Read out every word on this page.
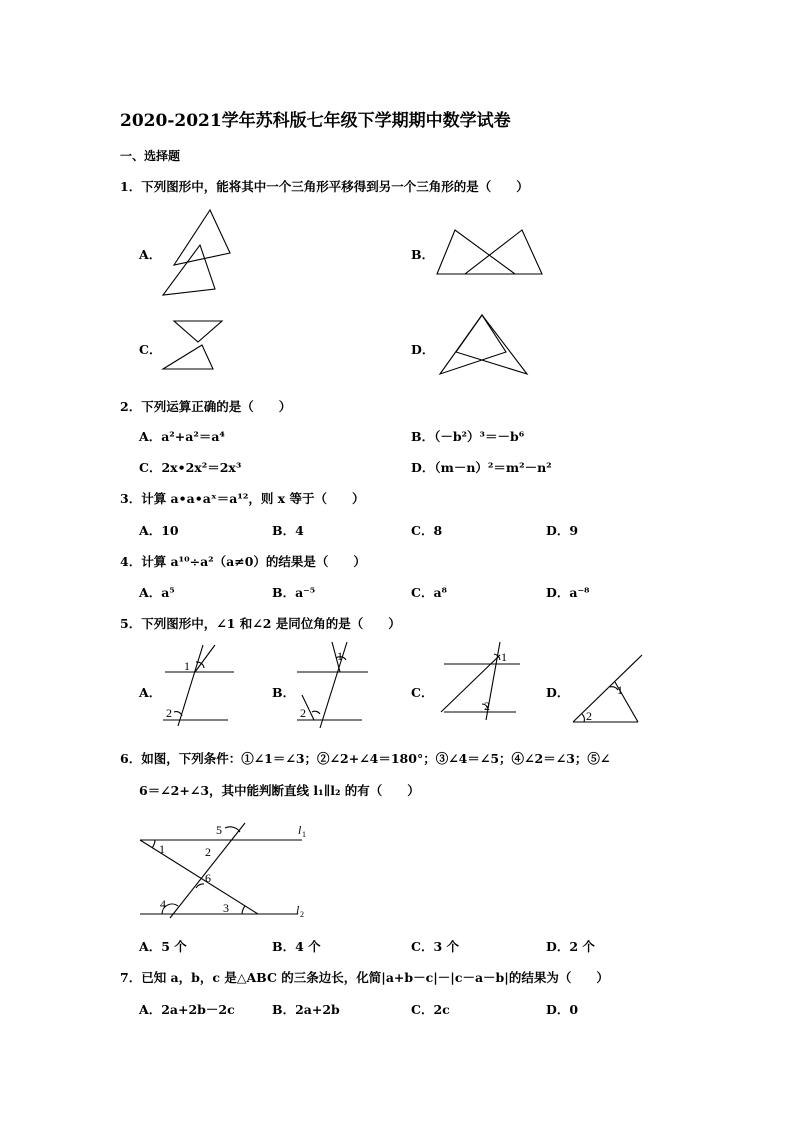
2020-2021学年苏科版七年级下学期期中数学试卷
一、选择题
1．下列图形中，能将其中一个三角形平移得到另一个三角形的是（　　）
A．	B．
C．	D．
2．下列运算正确的是（　　）
A．a²+a²＝a⁴	B．（－b²）³＝－b⁶
C．2x•2x²＝2x³	D．（m－n）²＝m²－n²
3．计算 a•a•aˣ＝a¹²，则 x 等于（　　）
A．10	B．4	C．8	D．9
4．计算 a¹⁰÷a²（a≠0）的结果是（　　）
A．a⁵	B．a⁻⁵	C．a⁸	D．a⁻⁸
5．下列图形中，∠1 和∠2 是同位角的是（　　）
A．	B．	C．	D．
1
2
1
2
1
2
1
2
6．如图，下列条件：①∠1＝∠3；②∠2+∠4＝180°；③∠4＝∠5；④∠2＝∠3；⑤∠
6＝∠2+∠3，其中能判断直线 l₁∥l₂ 的有（　　）
1	2
3
4
5
6
l 1
l 2
A．5 个	B．4 个	C．3 个	D．2 个
7．已知 a，b，c 是△ABC 的三条边长，化简|a+b－c|－|c－a－b|的结果为（　　）
A．2a+2b－2c	B．2a+2b	C．2c	D．0
